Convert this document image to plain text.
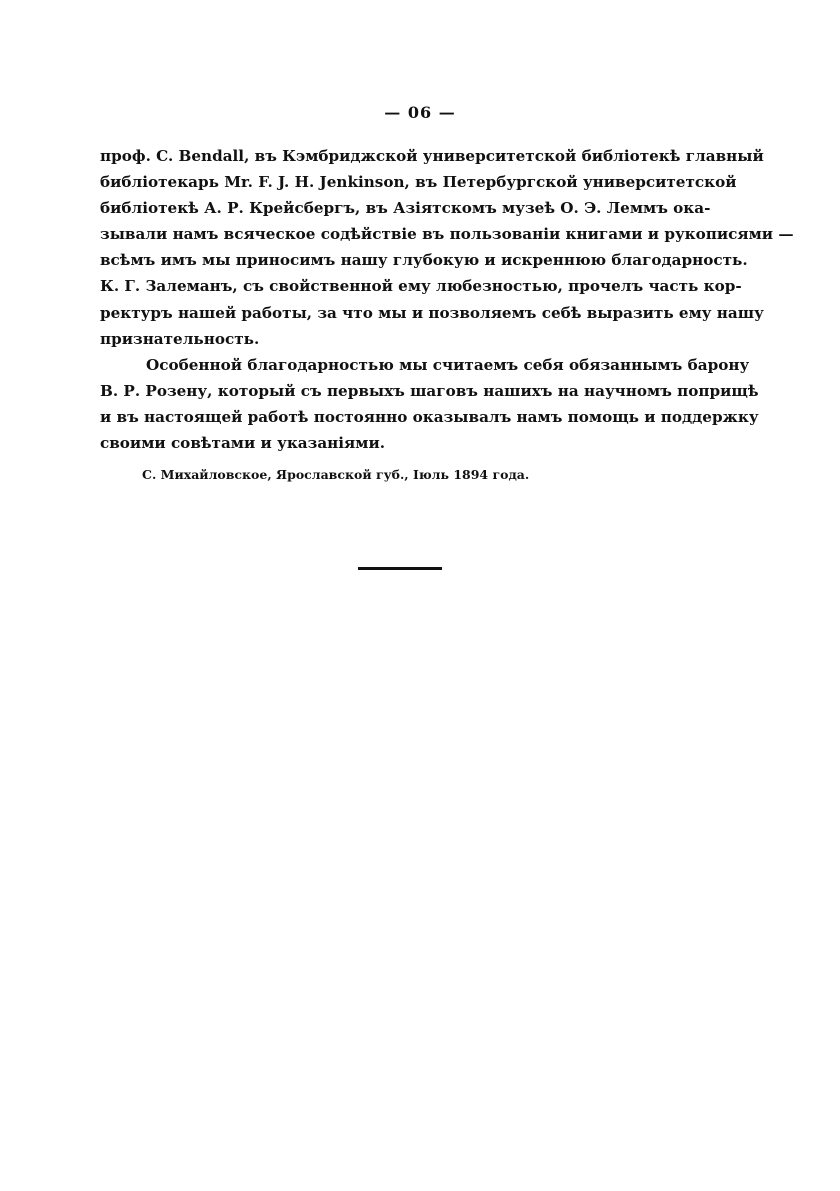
— 06 —

проф. C. Bendall, въ Кэмбриджской университетской библіотекѣ главный
библіотекарь Mr. F. J. H. Jenkinson, въ Петербургской университетской
библіотекѣ А. Р. Крейсбергъ, въ Азіятскомъ музеѣ О. Э. Леммъ ока-
зывали намъ всяческое содѣйствіе въ пользованіи книгами и рукописями —
всѣмъ имъ мы приносимъ нашу глубокую и искреннюю благодарность.
К. Г. Залеманъ, съ свойственной ему любезностью, прочелъ часть кор-
ректуръ нашей работы, за что мы и позволяемъ себѣ выразить ему нашу
признательность.

Особенной благодарностью мы считаемъ себя обязаннымъ барону
В. Р. Розену, который съ первыхъ шаговъ нашихъ на научномъ поприщѣ
и въ настоящей работѣ постоянно оказывалъ намъ помощь и поддержку
своими совѣтами и указаніями.

С. Михайловское, Ярославской губ., Іюль 1894 года.
